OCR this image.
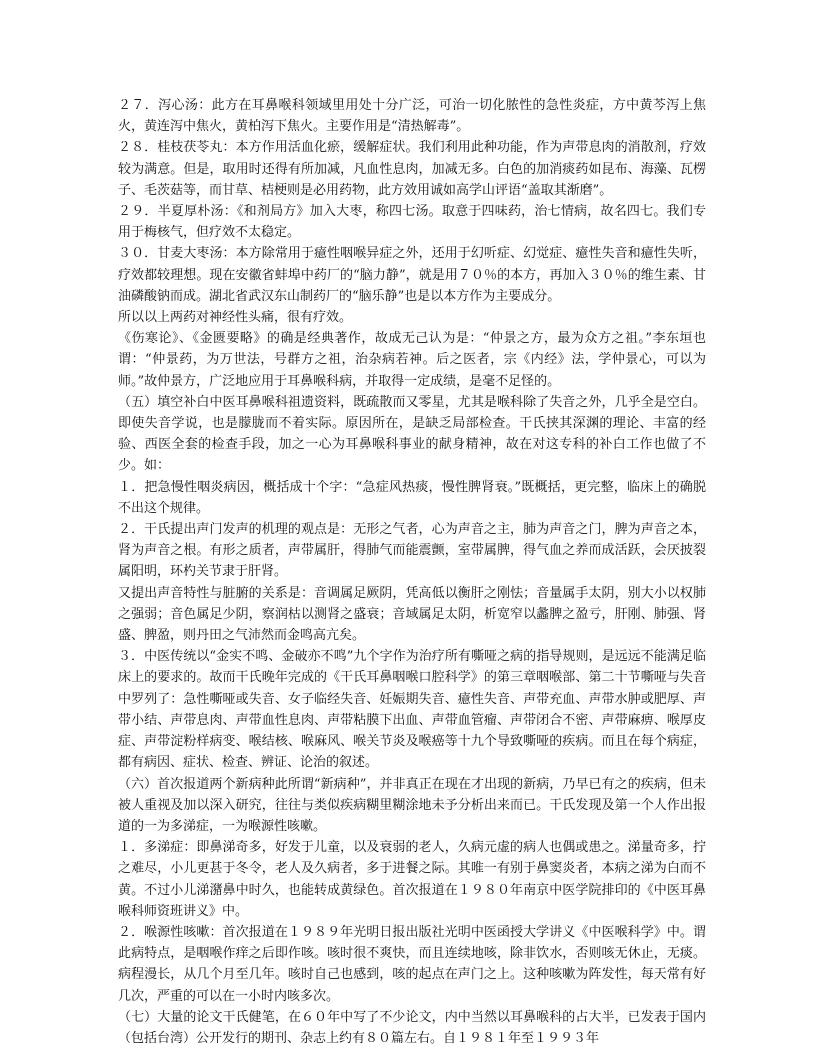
２７．泻心汤：此方在耳鼻喉科领域里用处十分广泛，可治一切化脓性的急性炎症，方中黄芩泻上焦火，黄连泻中焦火，黄柏泻下焦火。主要作用是“清热解毒”。

２８．桂枝茯苓丸：本方作用活血化瘀，缓解症状。我们利用此种功能，作为声带息肉的消散剂，疗效较为满意。但是，取用时还得有所加减，凡血性息肉，加减无多。白色的加消痰药如昆布、海藻、瓦楞子、毛茨菇等，而甘草、桔梗则是必用药物，此方效用诚如高学山评语“盖取其渐磨”。

２９．半夏厚朴汤：《和剂局方》加入大枣，称四七汤。取意于四味药，治七情病，故名四七。我们专用于梅核气，但疗效不太稳定。

３０．甘麦大枣汤：本方除常用于癔性咽喉异症之外，还用于幻听症、幻觉症、癔性失音和癔性失听，疗效都较理想。现在安徽省蚌埠中药厂的“脑力静”，就是用７０％的本方，再加入３０％的维生素、甘油磷酸钠而成。湖北省武汉东山制药厂的“脑乐静”也是以本方作为主要成分。

所以以上两药对神经性头痛，很有疗效。

《伤寒论》、《金匮要略》的确是经典著作，故成无己认为是：“仲景之方，最为众方之祖。”李东垣也谓：“仲景药，为万世法，号群方之祖，治杂病若神。后之医者，宗《内经》法，学仲景心，可以为师。”故仲景方，广泛地应用于耳鼻喉科病，并取得一定成绩，是毫不足怪的。

（五）填空补白中医耳鼻喉科祖遗资料，既疏散而又零星，尤其是喉科除了失音之外，几乎全是空白。即使失音学说，也是朦胧而不着实际。原因所在，是缺乏局部检查。干氏挟其深渊的理论、丰富的经验、西医全套的检查手段，加之一心为耳鼻喉科事业的献身精神，故在对这专科的补白工作也做了不少。如：

１．把急慢性咽炎病因，概括成十个字：“急症风热痰，慢性脾肾衰。”既概括，更完整，临床上的确脱不出这个规律。

２．干氏提出声门发声的机理的观点是：无形之气者，心为声音之主，肺为声音之门，脾为声音之本，肾为声音之根。有形之质者，声带属肝，得肺气而能震颤，室带属脾，得气血之养而成活跃，会厌披裂属阳明，环杓关节隶于肝肾。

又提出声音特性与脏腑的关系是：音调属足厥阴，凭高低以衡肝之刚怯；音量属手太阴，别大小以权肺之强弱；音色属足少阴，察润枯以测肾之盛衰；音域属足太阴，析宽窄以蠡脾之盈亏，肝刚、肺强、肾盛、脾盈，则丹田之气沛然而金鸣高亢矣。

３．中医传统以“金实不鸣、金破亦不鸣”九个字作为治疗所有嘶哑之病的指导规则，是远远不能满足临床上的要求的。故而干氏晚年完成的《干氏耳鼻咽喉口腔科学》的第三章咽喉部、第二十节嘶哑与失音中罗列了：急性嘶哑或失音、女子临经失音、妊娠期失音、癔性失音、声带充血、声带水肿或肥厚、声带小结、声带息肉、声带血性息肉、声带粘膜下出血、声带血管瘤、声带闭合不密、声带麻痹、喉厚皮症、声带淀粉样病变、喉结核、喉麻风、喉关节炎及喉癌等十九个导致嘶哑的疾病。而且在每个病症，都有病因、症状、检查、辨证、论治的叙述。

（六）首次报道两个新病种此所谓“新病种”，并非真正在现在才出现的新病，乃早已有之的疾病，但未被人重视及加以深入研究，往往与类似疾病糊里糊涂地未予分析出来而已。干氏发现及第一个人作出报道的一为多涕症，一为喉源性咳嗽。

１．多涕症：即鼻涕奇多，好发于儿童，以及衰弱的老人，久病元虚的病人也偶或患之。涕量奇多，拧之难尽，小儿更甚于冬令，老人及久病者，多于进餐之际。其唯一有别于鼻窦炎者，本病之涕为白而不黄。不过小儿涕潴鼻中时久，也能转成黄绿色。首次报道在１９８０年南京中医学院排印的《中医耳鼻喉科师资班讲义》中。

２．喉源性咳嗽：首次报道在１９８９年光明日报出版社光明中医函授大学讲义《中医喉科学》中。谓此病特点，是咽喉作痒之后即作咳。咳时很不爽快，而且连续地咳，除非饮水，否则咳无休止，无痰。病程漫长，从几个月至几年。咳时自己也感到，咳的起点在声门之上。这种咳嗽为阵发性，每天常有好几次，严重的可以在一小时内咳多次。

（七）大量的论文干氏健笔，在６０年中写了不少论文，内中当然以耳鼻喉科的占大半，已发表于国内（包括台湾）公开发行的期刊、杂志上约有８０篇左右。自１９８１年至１９９３年
